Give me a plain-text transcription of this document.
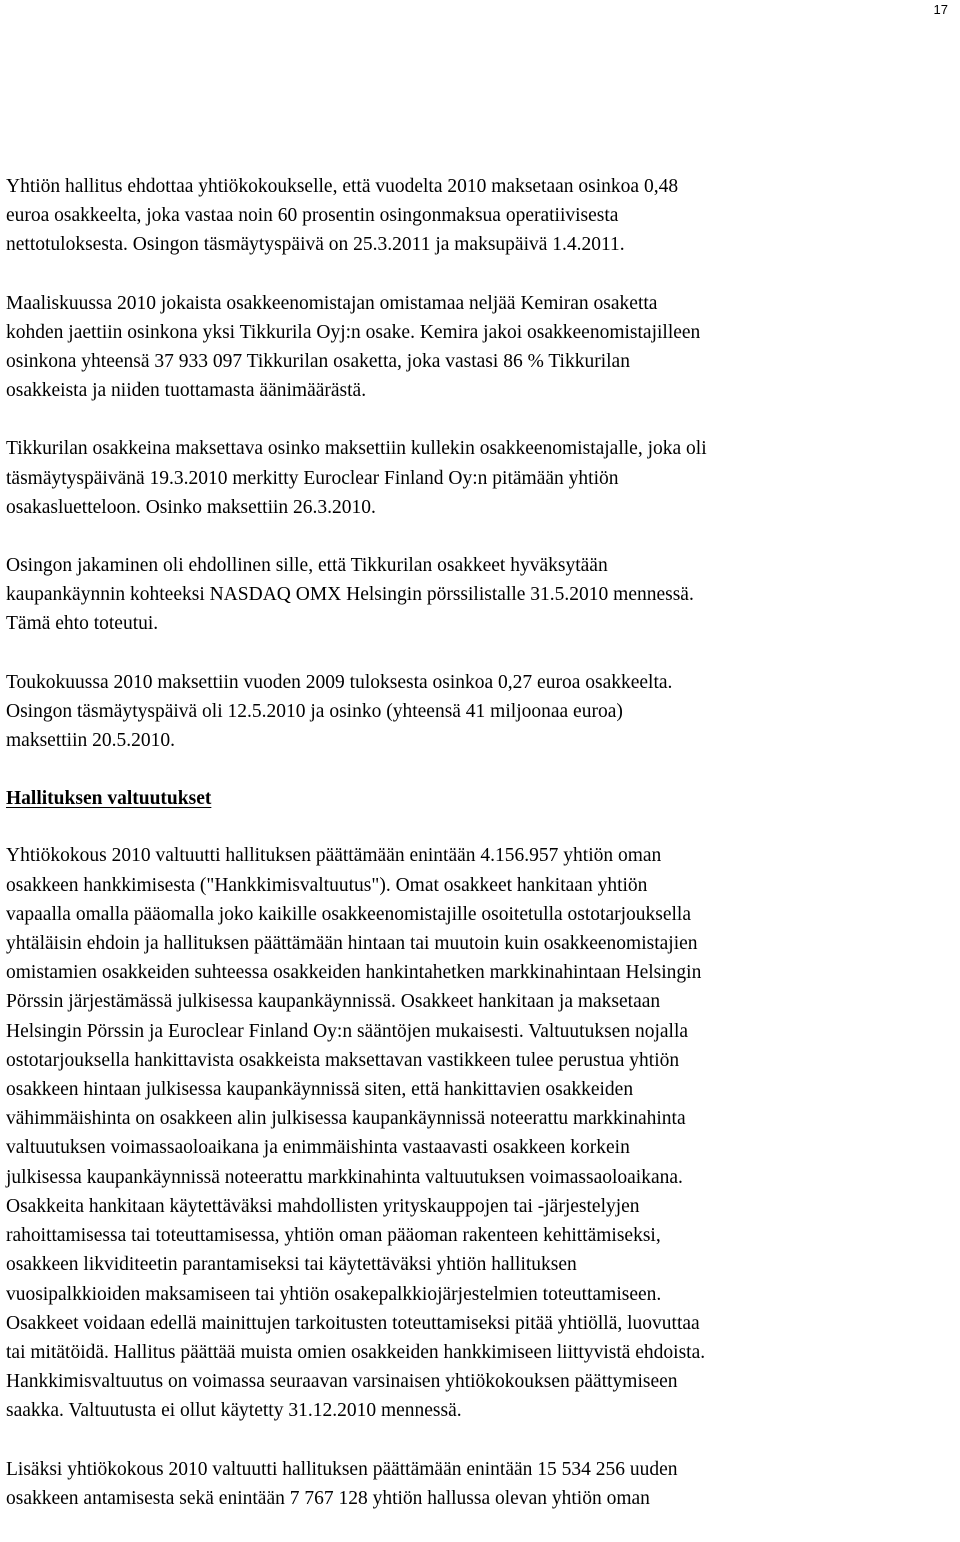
17

Yhtiön hallitus ehdottaa yhtiökokoukselle, että vuodelta 2010 maksetaan osinkoa 0,48
euroa osakkeelta, joka vastaa noin 60 prosentin osingonmaksua operatiivisesta
nettotuloksesta. Osingon täsmäytyspäivä on 25.3.2011 ja maksupäivä 1.4.2011.

Maaliskuussa 2010 jokaista osakkeenomistajan omistamaa neljää Kemiran osaketta
kohden jaettiin osinkona yksi Tikkurila Oyj:n osake. Kemira jakoi osakkeenomistajilleen
osinkona yhteensä 37 933 097 Tikkurilan osaketta, joka vastasi 86 % Tikkurilan
osakkeista ja niiden tuottamasta äänimäärästä.

Tikkurilan osakkeina maksettava osinko maksettiin kullekin osakkeenomistajalle, joka oli
täsmäytyspäivänä 19.3.2010 merkitty Euroclear Finland Oy:n pitämään yhtiön
osakasluetteloon. Osinko maksettiin 26.3.2010.

Osingon jakaminen oli ehdollinen sille, että Tikkurilan osakkeet hyväksytään
kaupankäynnin kohteeksi NASDAQ OMX Helsingin pörssilistalle 31.5.2010 mennessä.
Tämä ehto toteutui.

Toukokuussa 2010 maksettiin vuoden 2009 tuloksesta osinkoa 0,27 euroa osakkeelta.
Osingon täsmäytyspäivä oli 12.5.2010 ja osinko (yhteensä 41 miljoonaa euroa)
maksettiin 20.5.2010.

Hallituksen valtuutukset

Yhtiökokous 2010 valtuutti hallituksen päättämään enintään 4.156.957 yhtiön oman
osakkeen hankkimisesta ("Hankkimisvaltuutus"). Omat osakkeet hankitaan yhtiön
vapaalla omalla pääomalla joko kaikille osakkeenomistajille osoitetulla ostotarjouksella
yhtäläisin ehdoin ja hallituksen päättämään hintaan tai muutoin kuin osakkeenomistajien
omistamien osakkeiden suhteessa osakkeiden hankintahetken markkinahintaan Helsingin
Pörssin järjestämässä julkisessa kaupankäynnissä. Osakkeet hankitaan ja maksetaan
Helsingin Pörssin ja Euroclear Finland Oy:n sääntöjen mukaisesti. Valtuutuksen nojalla
ostotarjouksella hankittavista osakkeista maksettavan vastikkeen tulee perustua yhtiön
osakkeen hintaan julkisessa kaupankäynnissä siten, että hankittavien osakkeiden
vähimmäishinta on osakkeen alin julkisessa kaupankäynnissä noteerattu markkinahinta
valtuutuksen voimassaoloaikana ja enimmäishinta vastaavasti osakkeen korkein
julkisessa kaupankäynnissä noteerattu markkinahinta valtuutuksen voimassaoloaikana.
Osakkeita hankitaan käytettäväksi mahdollisten yrityskauppojen tai -järjestelyjen
rahoittamisessa tai toteuttamisessa, yhtiön oman pääoman rakenteen kehittämiseksi,
osakkeen likviditeetin parantamiseksi tai käytettäväksi yhtiön hallituksen
vuosipalkkioiden maksamiseen tai yhtiön osakepalkkiojärjestelmien toteuttamiseen.
Osakkeet voidaan edellä mainittujen tarkoitusten toteuttamiseksi pitää yhtiöllä, luovuttaa
tai mitätöidä. Hallitus päättää muista omien osakkeiden hankkimiseen liittyvistä ehdoista.
Hankkimisvaltuutus on voimassa seuraavan varsinaisen yhtiökokouksen päättymiseen
saakka. Valtuutusta ei ollut käytetty 31.12.2010 mennessä.

Lisäksi yhtiökokous 2010 valtuutti hallituksen päättämään enintään 15 534 256 uuden
osakkeen antamisesta sekä enintään 7 767 128 yhtiön hallussa olevan yhtiön oman
